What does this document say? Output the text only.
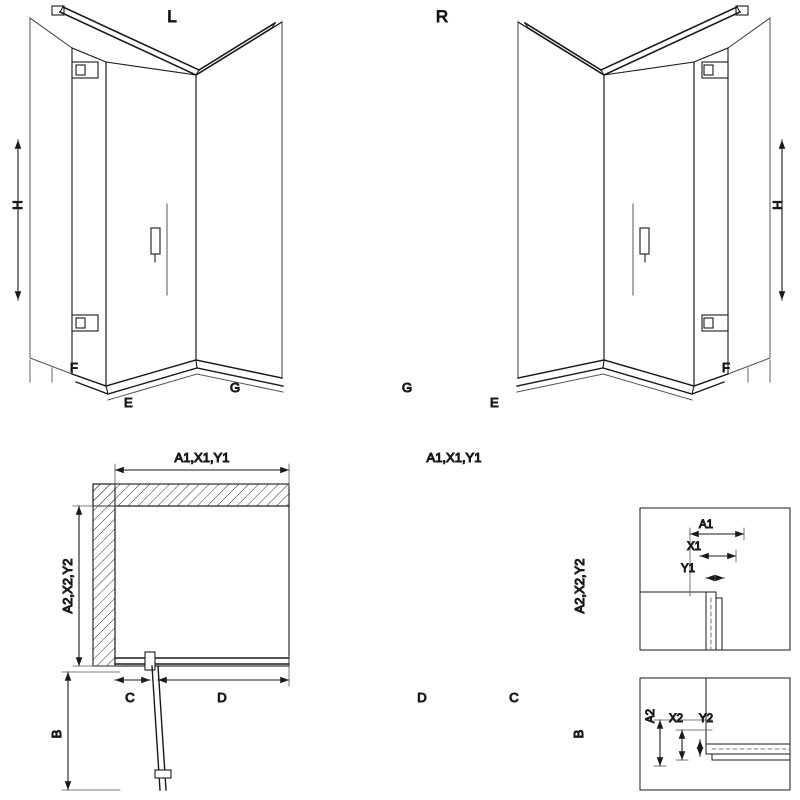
L
H
F
E
G
R
H
F
E
G
A1,X1,Y1
A2,X2,Y2
B
C	D
A1,X1,Y1
A2,X2,Y2
B
C
D
A1
X1
Y1
A2 X2 Y2
